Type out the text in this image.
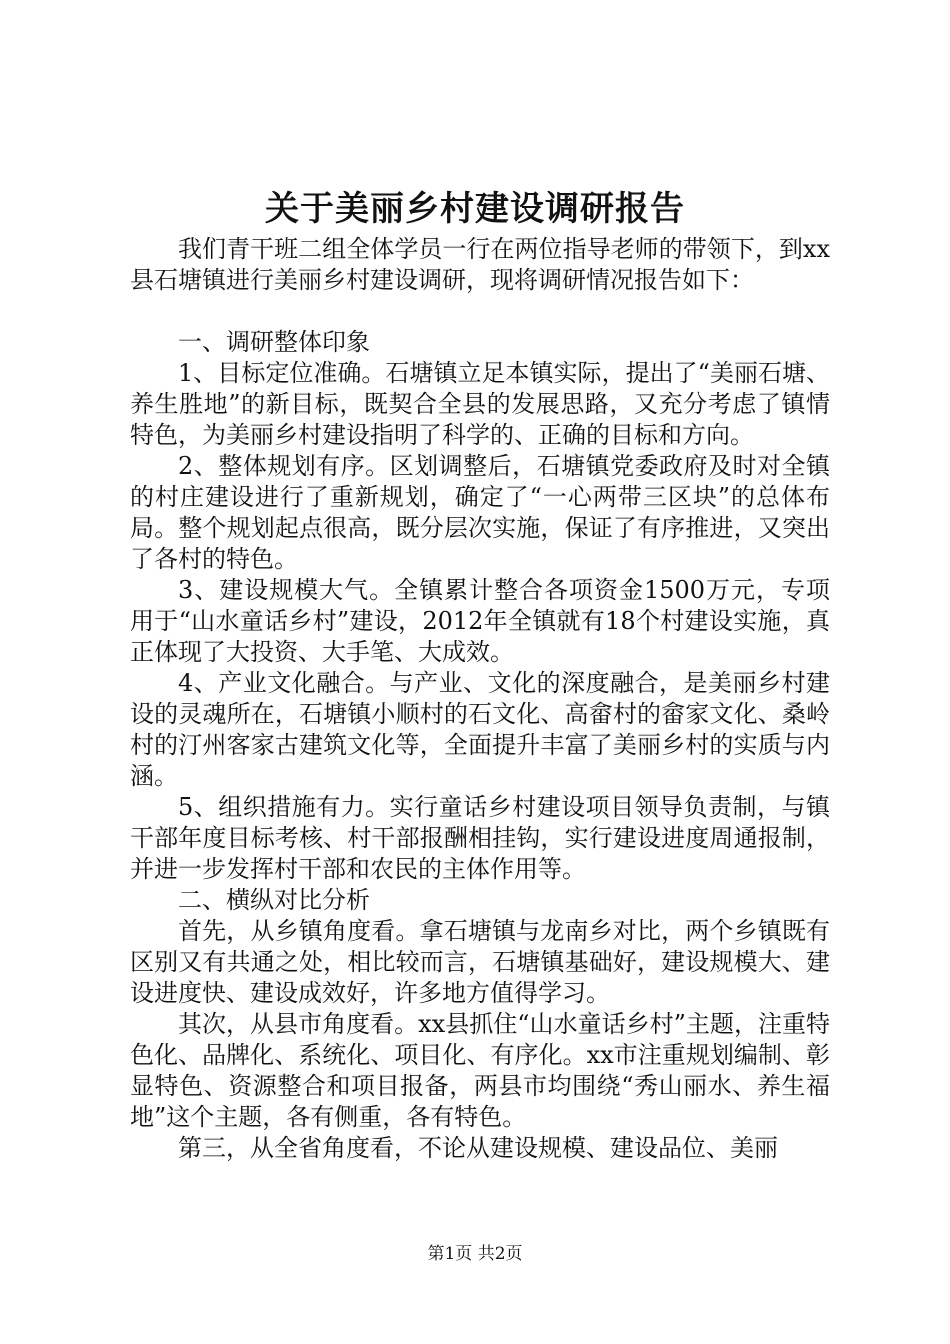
关于美丽乡村建设调研报告

我们青干班二组全体学员一行在两位指导老师的带领下，到xx县石塘镇进行美丽乡村建设调研，现将调研情况报告如下：

一、调研整体印象

1、目标定位准确。石塘镇立足本镇实际，提出了“美丽石塘、养生胜地”的新目标，既契合全县的发展思路，又充分考虑了镇情特色，为美丽乡村建设指明了科学的、正确的目标和方向。

2、整体规划有序。区划调整后，石塘镇党委政府及时对全镇的村庄建设进行了重新规划，确定了“一心两带三区块”的总体布局。整个规划起点很高，既分层次实施，保证了有序推进，又突出了各村的特色。

3、建设规模大气。全镇累计整合各项资金1500万元，专项用于“山水童话乡村”建设，2012年全镇就有18个村建设实施，真正体现了大投资、大手笔、大成效。

4、产业文化融合。与产业、文化的深度融合，是美丽乡村建设的灵魂所在，石塘镇小顺村的石文化、高畲村的畲家文化、桑岭村的汀州客家古建筑文化等，全面提升丰富了美丽乡村的实质与内涵。

5、组织措施有力。实行童话乡村建设项目领导负责制，与镇干部年度目标考核、村干部报酬相挂钩，实行建设进度周通报制，并进一步发挥村干部和农民的主体作用等。

二、横纵对比分析

首先，从乡镇角度看。拿石塘镇与龙南乡对比，两个乡镇既有区别又有共通之处，相比较而言，石塘镇基础好，建设规模大、建设进度快、建设成效好，许多地方值得学习。

其次，从县市角度看。xx县抓住“山水童话乡村”主题，注重特色化、品牌化、系统化、项目化、有序化。xx市注重规划编制、彰显特色、资源整合和项目报备，两县市均围绕“秀山丽水、养生福地”这个主题，各有侧重，各有特色。

第三，从全省角度看，不论从建设规模、建设品位、美丽

第1页 共2页
